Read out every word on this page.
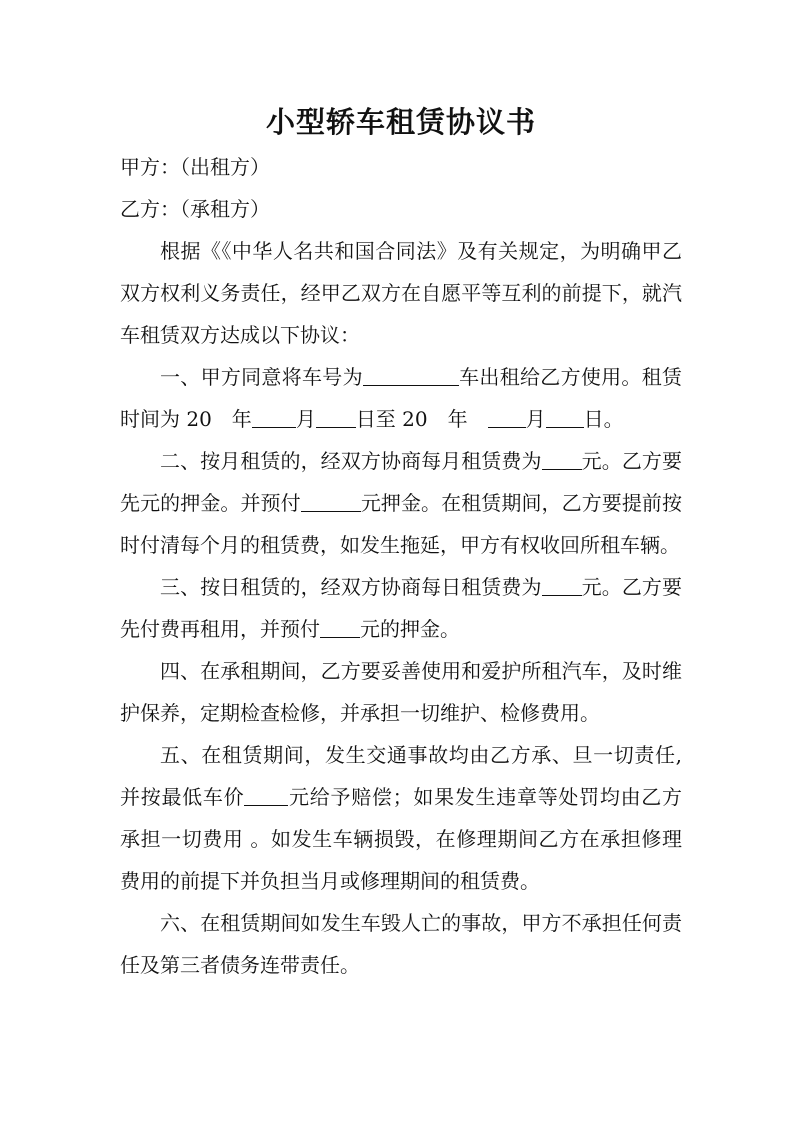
小型轿车租赁协议书
甲方：（出租方）
乙方：（承租方）

根据《《中华人名共和国合同法》及有关规定，为明确甲乙双方权利义务责任，经甲乙双方在自愿平等互利的前提下，就汽车租赁双方达成以下协议：

一、甲方同意将车号为	车出租给乙方使用。租赁时间为 20　年 月 日至 20　年　月 日。

二、按月租赁的，经双方协商每月租赁费为 元。乙方要先元的押金。并预付	元押金。在租赁期间，乙方要提前按时付清每个月的租赁费，如发生拖延，甲方有权收回所租车辆。

三、按日租赁的，经双方协商每日租赁费为 元。乙方要先付费再租用，并预付 元的押金。

四、在承租期间，乙方要妥善使用和爱护所租汽车，及时维护保养，定期检查检修，并承担一切维护、检修费用。

五、在租赁期间，发生交通事故均由乙方承、旦一切责任,并按最低车价 元给予赔偿；如果发生违章等处罚均由乙方承担一切费用 。如发生车辆损毁，在修理期间乙方在承担修理费用的前提下并负担当月或修理期间的租赁费。

六、在租赁期间如发生车毁人亡的事故，甲方不承担任何责任及第三者债务连带责任。
